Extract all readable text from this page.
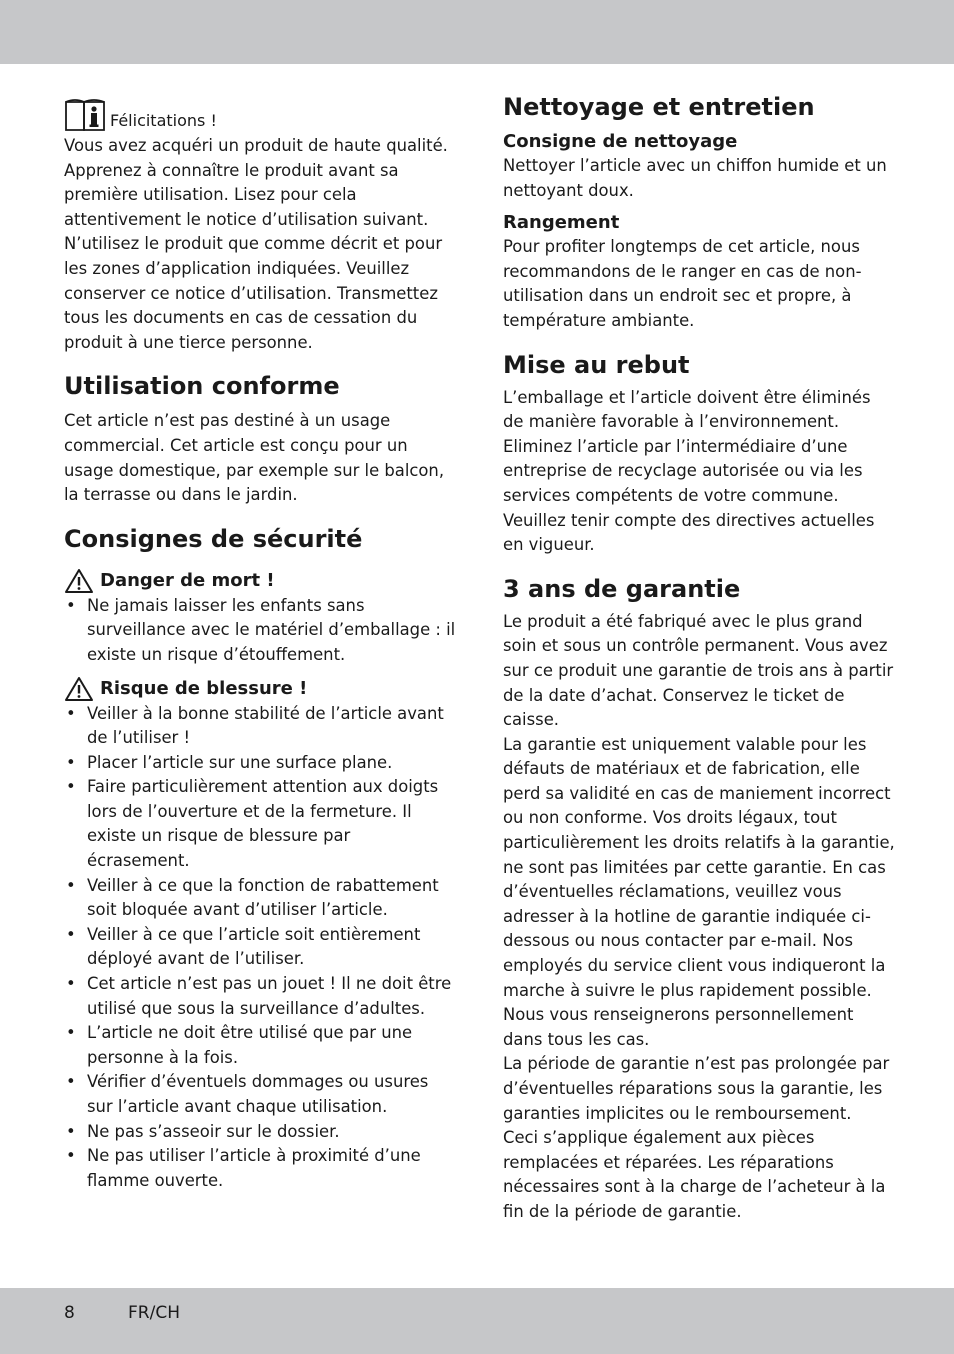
Félicitations !

Vous avez acquéri un produit de haute qualité. Apprenez à connaître le produit avant sa première utilisation. Lisez pour cela attentivement le notice d’utilisation suivant.

N’utilisez le produit que comme décrit et pour les zones d’application indiquées. Veuillez conserver ce notice d’utilisation. Transmettez tous les documents en cas de cessation du produit à une tierce personne.

Utilisation conforme

Cet article n’est pas destiné à un usage commercial. Cet article est conçu pour un usage domestique, par exemple sur le balcon, la terrasse ou dans le jardin.

Consignes de sécurité
Danger de mort !
• Ne jamais laisser les enfants sans surveillance avec le matériel d’emballage : il existe un risque d’étouffement.
Risque de blessure !
• Veiller à la bonne stabilité de l’article avant de l’utiliser !
• Placer l’article sur une surface plane.
• Faire particulièrement attention aux doigts lors de l’ouverture et de la fermeture. Il existe un risque de blessure par écrasement.
• Veiller à ce que la fonction de rabattement soit bloquée avant d’utiliser l’article.
• Veiller à ce que l’article soit entièrement déployé avant de l’utiliser.
• Cet article n’est pas un jouet ! Il ne doit être utilisé que sous la surveillance d’adultes.
• L’article ne doit être utilisé que par une personne à la fois.
• Vérifier d’éventuels dommages ou usures sur l’article avant chaque utilisation.
• Ne pas s’asseoir sur le dossier.
• Ne pas utiliser l’article à proximité d’une flamme ouverte.
Nettoyage et entretien
Consigne de nettoyage

Nettoyer l’article avec un chiffon humide et un nettoyant doux.

Rangement

Pour profiter longtemps de cet article, nous recommandons de le ranger en cas de non-utilisation dans un endroit sec et propre, à température ambiante.

Mise au rebut

L’emballage et l’article doivent être éliminés de manière favorable à l’environnement.

Eliminez l’article par l’intermédiaire d’une entreprise de recyclage autorisée ou via les services compétents de votre commune. Veuillez tenir compte des directives actuelles en vigueur.

3 ans de garantie

Le produit a été fabriqué avec le plus grand soin et sous un contrôle permanent. Vous avez sur ce produit une garantie de trois ans à partir de la date d’achat. Conservez le ticket de caisse.

La garantie est uniquement valable pour les défauts de matériaux et de fabrication, elle perd sa validité en cas de maniement incorrect ou non conforme. Vos droits légaux, tout particulièrement les droits relatifs à la garantie, ne sont pas limitées par cette garantie. En cas d’éventuelles réclamations, veuillez vous adresser à la hotline de garantie indiquée ci-dessous ou nous contacter par e-mail. Nos employés du service client vous indiqueront la marche à suivre le plus rapidement possible. Nous vous renseignerons personnellement dans tous les cas.

La période de garantie n’est pas prolongée par d’éventuelles réparations sous la garantie, les garanties implicites ou le remboursement.

Ceci s’applique également aux pièces remplacées et réparées. Les réparations nécessaires sont à la charge de l’acheteur à la fin de la période de garantie.

8	FR/CH
